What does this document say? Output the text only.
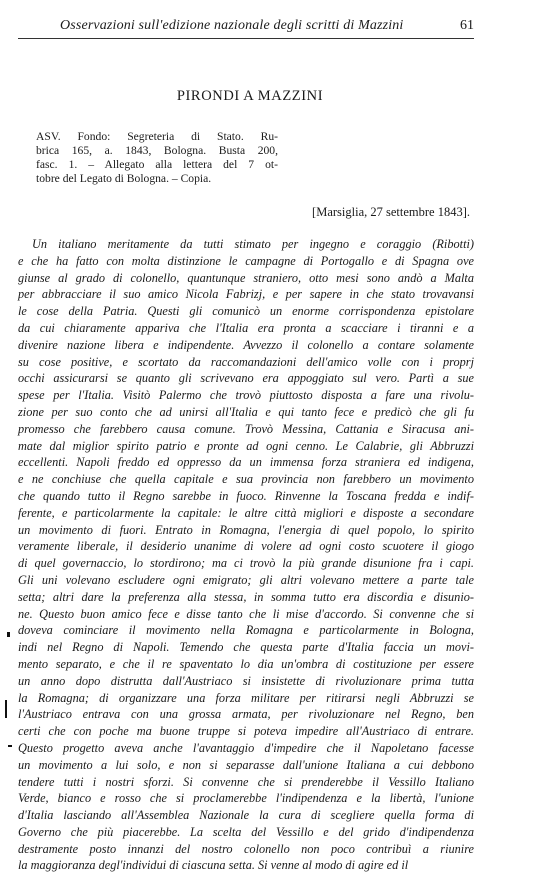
Osservazioni sull'edizione nazionale degli scritti di Mazzini	61
PIRONDI A MAZZINI
ASV. Fondo: Segreteria di Stato. Ru-
brica 165, a. 1843, Bologna. Busta 200,
fasc. 1. – Allegato alla lettera del 7 ot-
tobre del Legato di Bologna. – Copia.
[Marsiglia, 27 settembre 1843].
Un italiano meritamente da tutti stimato per ingegno e coraggio (Ribotti)
e che ha fatto con molta distinzione le campagne di Portogallo e di Spagna ove
giunse al grado di colonello, quantunque straniero, otto mesi sono andò a Malta
per abbracciare il suo amico Nicola Fabrizj, e per sapere in che stato trovavansi
le cose della Patria. Questi gli comunicò un enorme corrispondenza epistolare
da cui chiaramente appariva che l'Italia era pronta a scacciare i tiranni e a
divenire nazione libera e indipendente. Avvezzo il colonello a contare solamente
su cose positive, e scortato da raccomandazioni dell'amico volle con i proprj
occhi assicurarsi se quanto gli scrivevano era appoggiato sul vero. Partì a sue
spese per l'Italia. Visitò Palermo che trovò piuttosto disposta a fare una rivolu-
zione per suo conto che ad unirsi all'Italia e qui tanto fece e predicò che gli fu
promesso che farebbero causa comune. Trovò Messina, Cattania e Siracusa ani-
mate dal miglior spirito patrio e pronte ad ogni cenno. Le Calabrie, gli Abbruzzi
eccellenti. Napoli freddo ed oppresso da un immensa forza straniera ed indigena,
e ne conchiuse che quella capitale e sua provincia non farebbero un movimento
che quando tutto il Regno sarebbe in fuoco. Rinvenne la Toscana fredda e indif-
ferente, e particolarmente la capitale: le altre città migliori e disposte a secondare
un movimento di fuori. Entrato in Romagna, l'energia di quel popolo, lo spirito
veramente liberale, il desiderio unanime di volere ad ogni costo scuotere il giogo
di quel governaccio, lo stordirono; ma ci trovò la più grande disunione fra i capi.
Gli uni volevano escludere ogni emigrato; gli altri volevano mettere a parte tale
setta; altri dare la preferenza alla stessa, in somma tutto era discordia e disunio-
ne. Questo buon amico fece e disse tanto che li mise d'accordo. Si convenne che si
doveva cominciare il movimento nella Romagna e particolarmente in Bologna,
indi nel Regno di Napoli. Temendo che questa parte d'Italia faccia un movi-
mento separato, e che il re spaventato lo dia un'ombra di costituzione per essere
un anno dopo distrutta dall'Austriaco si insistette di rivoluzionare prima tutta
la Romagna; di organizzare una forza militare per ritirarsi negli Abbruzzi se
l'Austriaco entrava con una grossa armata, per rivoluzionare nel Regno, ben
certi che con poche ma buone truppe si poteva impedire all'Austriaco di entrare.
Questo progetto aveva anche l'avantaggio d'impedire che il Napoletano facesse
un movimento a lui solo, e non si separasse dall'unione Italiana a cui debbono
tendere tutti i nostri sforzi. Si convenne che si prenderebbe il Vessillo Italiano
Verde, bianco e rosso che si proclamerebbe l'indipendenza e la libertà, l'unione
d'Italia lasciando all'Assemblea Nazionale la cura di scegliere quella forma di
Governo che più piacerebbe. La scelta del Vessillo e del grido d'indipendenza
destramente posto innanzi del nostro colonello non poco contribuì a riunire
la maggioranza degl'individui di ciascuna setta. Si venne al modo di agire ed il
